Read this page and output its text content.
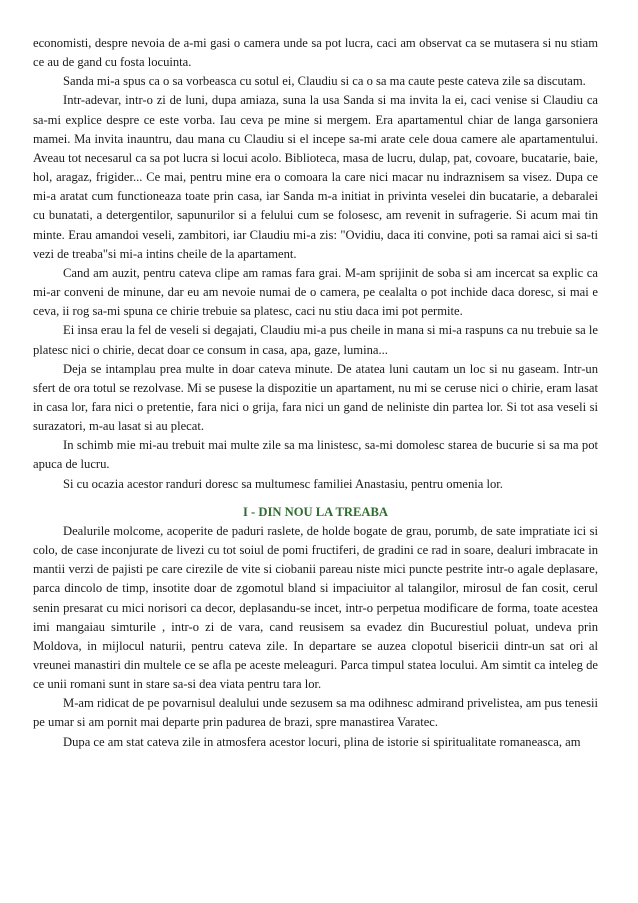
economisti, despre nevoia de a-mi gasi o camera unde sa pot lucra, caci am observat ca se mutasera si nu stiam ce au de gand cu fosta locuinta.

Sanda mi-a spus ca o sa vorbeasca cu sotul ei, Claudiu si ca o sa ma caute peste cateva zile sa discutam.

Intr-adevar, intr-o zi de luni, dupa amiaza, suna la usa Sanda si ma invita la ei, caci venise si Claudiu ca sa-mi explice despre ce este vorba. Iau ceva pe mine si mergem. Era apartamentul chiar de langa garsoniera mamei. Ma invita inauntru, dau mana cu Claudiu si el incepe sa-mi arate cele doua camere ale apartamentului. Aveau tot necesarul ca sa pot lucra si locui acolo. Biblioteca, masa de lucru, dulap, pat, covoare, bucatarie, baie, hol, aragaz, frigider... Ce mai, pentru mine era o comoara la care nici macar nu indraznisem sa visez. Dupa ce mi-a aratat cum functioneaza toate prin casa, iar Sanda m-a initiat in privinta veselei din bucatarie, a debaralei cu bunatati, a detergentilor, sapunurilor si a felului cum se folosesc, am revenit in sufragerie. Si acum mai tin minte. Erau amandoi veseli, zambitori, iar Claudiu mi-a zis: "Ovidiu, daca iti convine, poti sa ramai aici si sa-ti vezi de treaba"si mi-a intins cheile de la apartament.

Cand am auzit, pentru cateva clipe am ramas fara grai. M-am sprijinit de soba si am incercat sa explic ca mi-ar conveni de minune, dar eu am nevoie numai de o camera, pe cealalta o pot inchide daca doresc, si mai e ceva, ii rog sa-mi spuna ce chirie trebuie sa platesc, caci nu stiu daca imi pot permite.

Ei insa erau la fel de veseli si degajati, Claudiu mi-a pus cheile in mana si mi-a raspuns ca nu trebuie sa le platesc nici o chirie, decat doar ce consum in casa, apa, gaze, lumina...

Deja se intamplau prea multe in doar cateva minute. De atatea luni cautam un loc si nu gaseam. Intr-un sfert de ora totul se rezolvase. Mi se pusese la dispozitie un apartament, nu mi se ceruse nici o chirie, eram lasat in casa lor, fara nici o pretentie, fara nici o grija, fara nici un gand de neliniste din partea lor. Si tot asa veseli si surazatori, m-au lasat si au plecat.

In schimb mie mi-au trebuit mai multe zile sa ma linistesc, sa-mi domolesc starea de bucurie si sa ma pot apuca de lucru.

Si cu ocazia acestor randuri doresc sa multumesc familiei Anastasiu, pentru omenia lor.

I - DIN NOU LA TREABA

Dealurile molcome, acoperite de paduri raslete, de holde bogate de grau, porumb, de sate impratiate ici si colo, de case inconjurate de livezi cu tot soiul de pomi fructiferi, de gradini ce rad in soare, dealuri imbracate in mantii verzi de pajisti pe care cirezile de vite si ciobanii pareau niste mici puncte pestrite intr-o agale deplasare, parca dincolo de timp, insotite doar de zgomotul bland si impaciuitor al talangilor, mirosul de fan cosit, cerul senin presarat cu mici norisori ca decor, deplasandu-se incet, intr-o perpetua modificare de forma, toate acestea imi mangaiau simturile , intr-o zi de vara, cand reusisem sa evadez din Bucurestiul poluat, undeva prin Moldova, in mijlocul naturii, pentru cateva zile. In departare se auzea clopotul bisericii dintr-un sat ori al vreunei manastiri din multele ce se afla pe aceste meleaguri. Parca timpul statea locului. Am simtit ca inteleg de ce unii romani sunt in stare sa-si dea viata pentru tara lor.

M-am ridicat de pe povarnisul dealului unde sezusem sa ma odihnesc admirand privelistea, am pus tenesii pe umar si am pornit mai departe prin padurea de brazi, spre manastirea Varatec.

Dupa ce am stat cateva zile in atmosfera acestor locuri, plina de istorie si spiritualitate romaneasca, am
